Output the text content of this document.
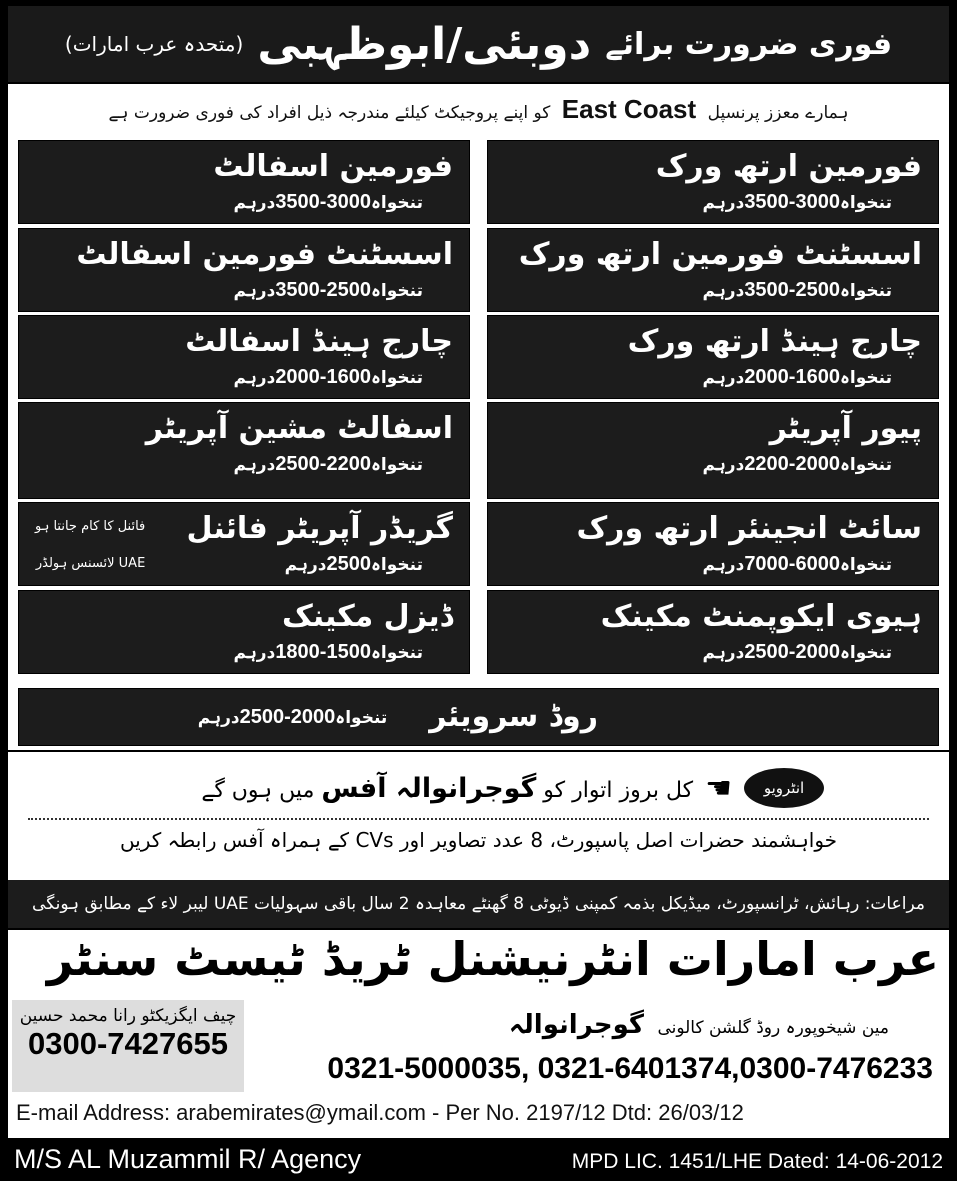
فوری ضرورت برائے
دوبئی/ابوظہبی
(متحدہ عرب امارات)
ہمارے معزز پرنسپل East Coast کو اپنے پروجیکٹ کیلئے مندرجہ ذیل افراد کی فوری ضرورت ہے
فورمین ارتھ ورک
تنخواہ3500-3000درہم
فورمین اسفالٹ
تنخواہ3500-3000درہم
اسسٹنٹ فورمین ارتھ ورک
تنخواہ3500-2500درہم
اسسٹنٹ فورمین اسفالٹ
تنخواہ3500-2500درہم
چارج ہینڈ ارتھ ورک
تنخواہ2000-1600درہم
چارج ہینڈ اسفالٹ
تنخواہ2000-1600درہم
پیور آپریٹر
تنخواہ2200-2000درہم
اسفالٹ مشین آپریٹر
تنخواہ2500-2200درہم
سائٹ انجینئر ارتھ ورک
تنخواہ7000-6000درہم
گریڈر آپریٹر فائنل
تنخواہ2500درہم
فائنل کا کام جانتا ہو
UAE لائسنس ہولڈر
ہیوی ایکوپمنٹ مکینک
تنخواہ2500-2000درہم
ڈیزل مکینک
تنخواہ1800-1500درہم
روڈ سرویئر
تنخواہ2500-2000درہم
انٹرویو
☚
کل بروز اتوار کو گوجرانوالہ آفس میں ہوں گے
خواہشمند حضرات اصل پاسپورٹ، 8 عدد تصاویر اور CVs کے ہمراہ آفس رابطہ کریں
مراعات: رہائش، ٹرانسپورٹ، میڈیکل بذمہ کمپنی ڈیوٹی 8 گھنٹے معاہدہ 2 سال باقی سہولیات UAE لیبر لاء کے مطابق ہونگی
عرب امارات انٹرنیشنل ٹریڈ ٹیسٹ سنٹر
چیف ایگزیکٹو رانا محمد حسین
0300-7427655	مین شیخوپورہ روڈ گلشن کالونی گوجرانوالہ
0321-5000035, 0321-6401374,0300-7476233
E-mail Address: arabemirates@ymail.com - Per No. 2197/12 Dtd: 26/03/12
M/S AL Muzammil R/ Agency	MPD LIC. 1451/LHE Dated: 14-06-2012
